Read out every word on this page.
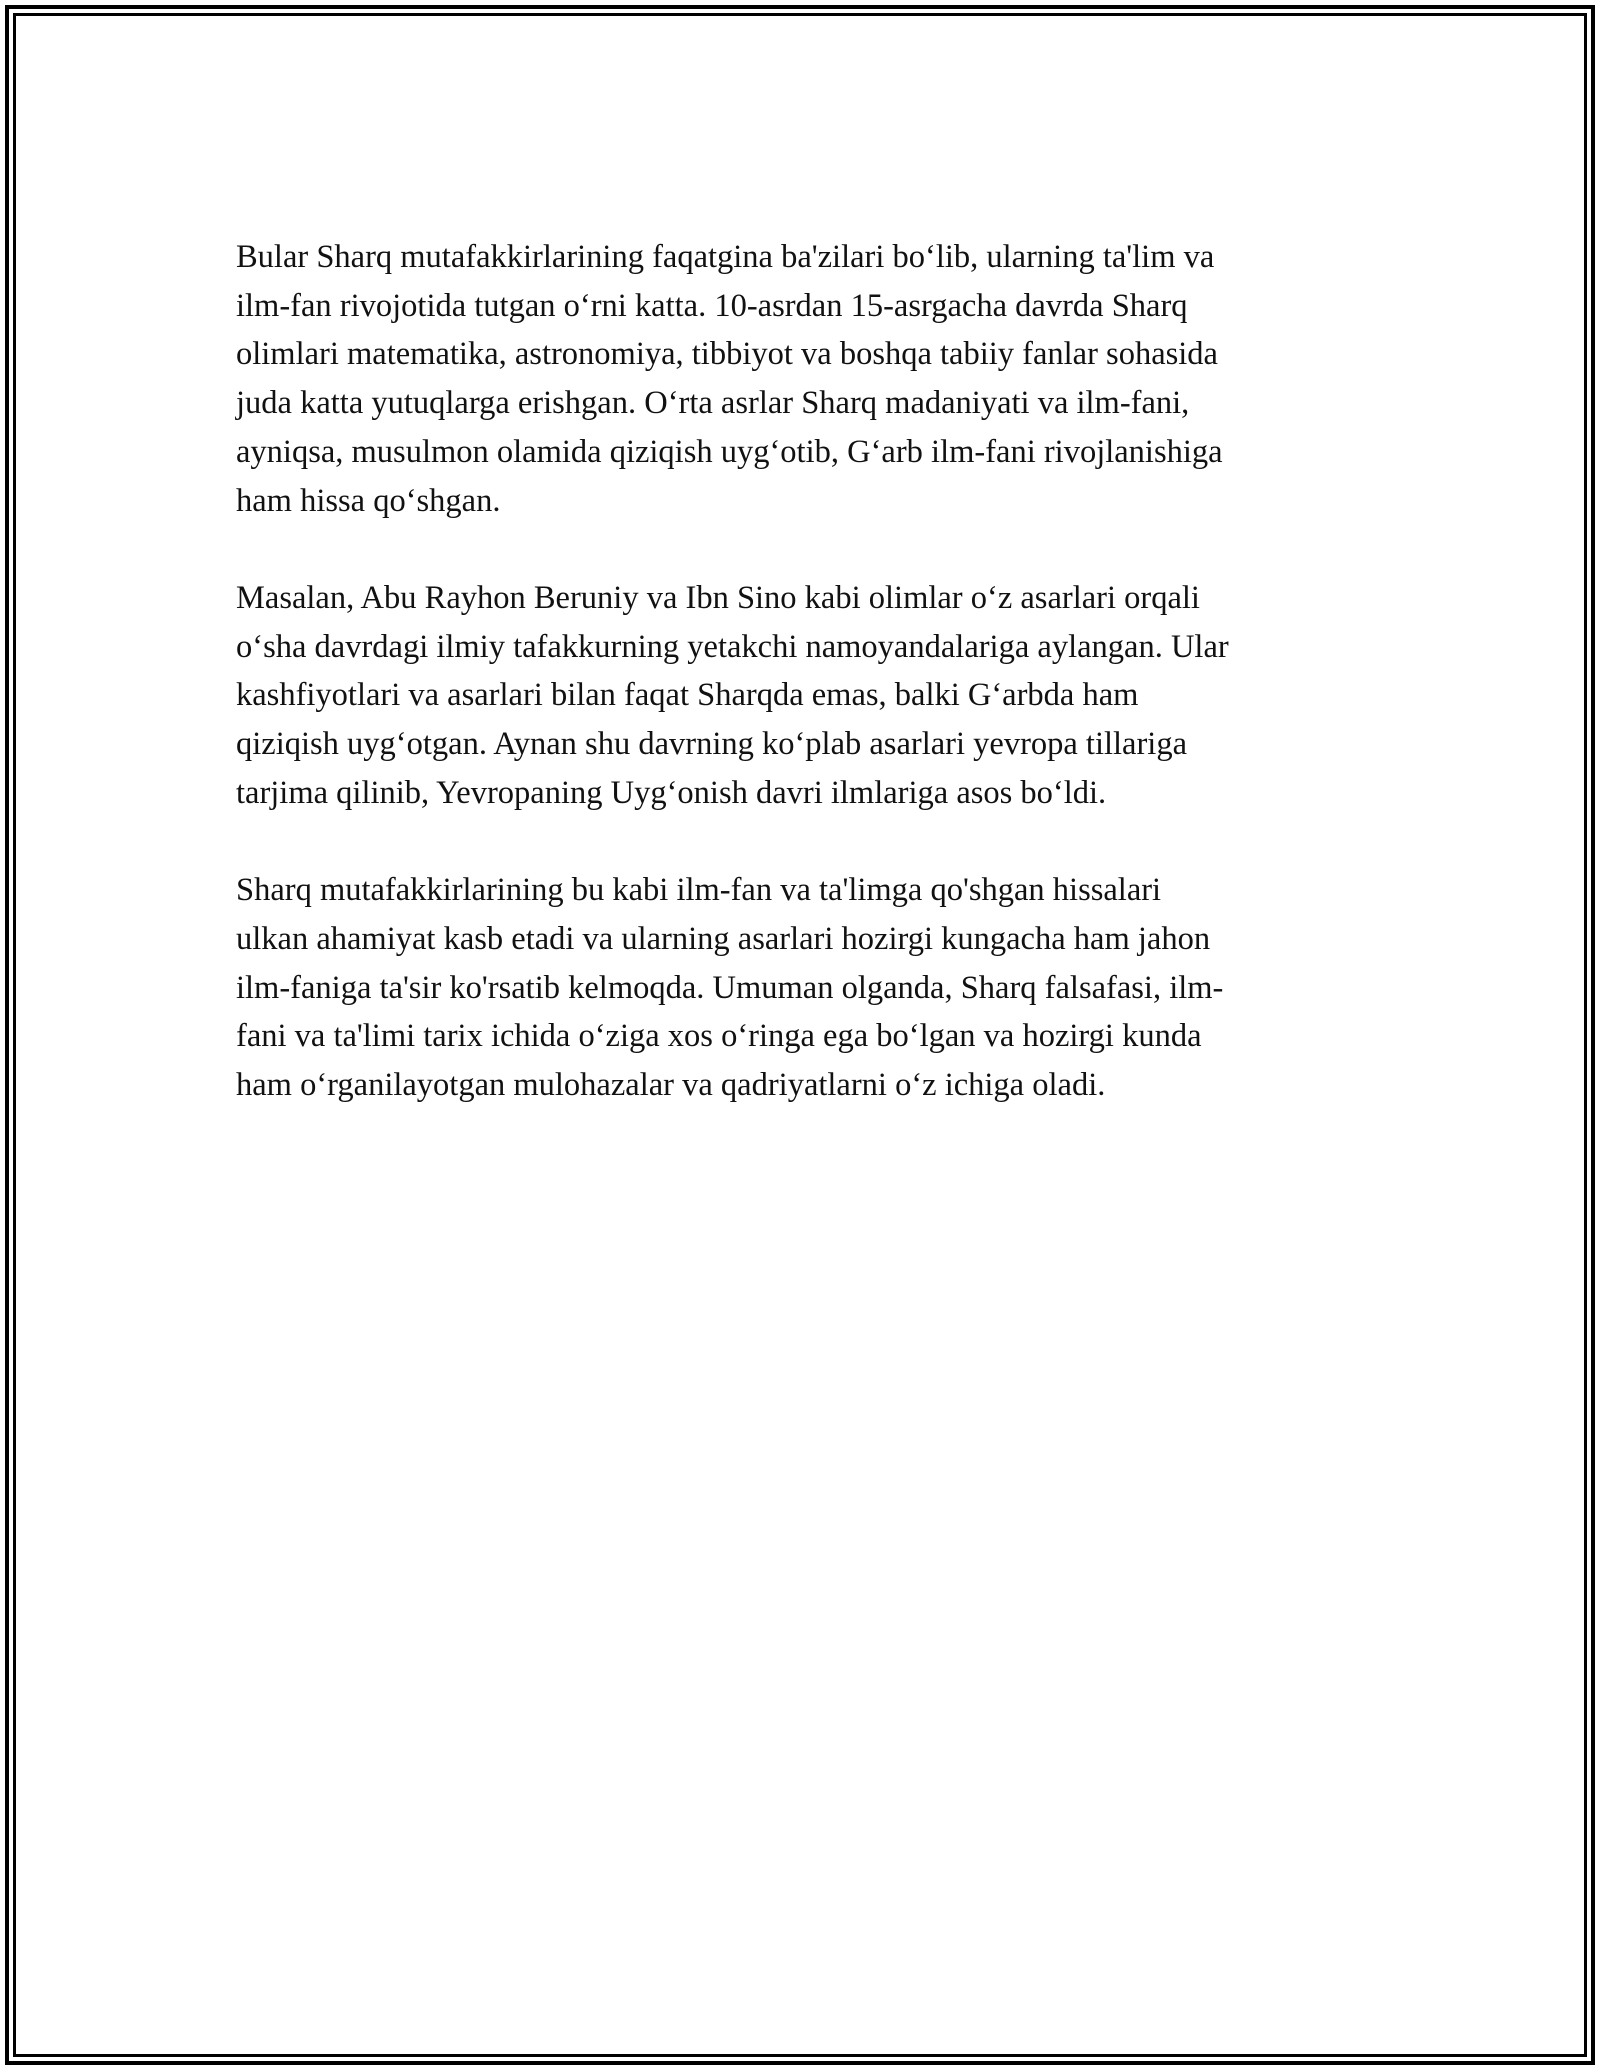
Bular Sharq mutafakkirlarining faqatgina ba'zilari boʻlib, ularning ta'lim va
ilm-fan rivojotida tutgan oʻrni katta. 10-asrdan 15-asrgacha davrda Sharq
olimlari matematika, astronomiya, tibbiyot va boshqa tabiiy fanlar sohasida
juda katta yutuqlarga erishgan. Oʻrta asrlar Sharq madaniyati va ilm-fani,
ayniqsa, musulmon olamida qiziqish uygʻotib, Gʻarb ilm-fani rivojlanishiga
ham hissa qoʻshgan.

Masalan, Abu Rayhon Beruniy va Ibn Sino kabi olimlar oʻz asarlari orqali
oʻsha davrdagi ilmiy tafakkurning yetakchi namoyandalariga aylangan. Ular
kashfiyotlari va asarlari bilan faqat Sharqda emas, balki Gʻarbda ham
qiziqish uygʻotgan. Aynan shu davrning koʻplab asarlari yevropa tillariga
tarjima qilinib, Yevropaning Uygʻonish davri ilmlariga asos boʻldi.

Sharq mutafakkirlarining bu kabi ilm-fan va ta'limga qo'shgan hissalari
ulkan ahamiyat kasb etadi va ularning asarlari hozirgi kungacha ham jahon
ilm-faniga ta'sir ko'rsatib kelmoqda. Umuman olganda, Sharq falsafasi, ilm-
fani va ta'limi tarix ichida oʻziga xos oʻringa ega boʻlgan va hozirgi kunda
ham oʻrganilayotgan mulohazalar va qadriyatlarni oʻz ichiga oladi.
